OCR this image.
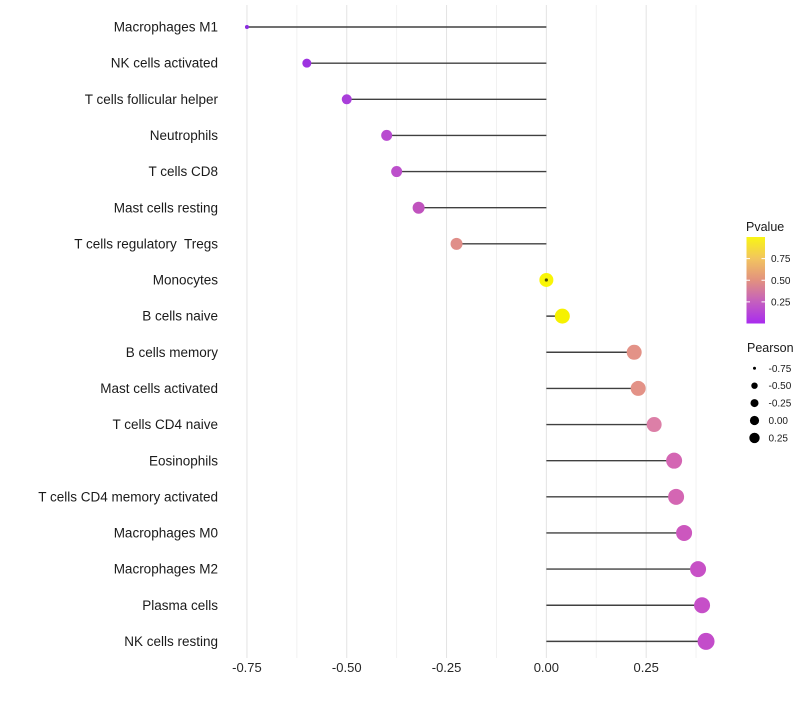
Macrophages M1
NK cells activated
T cells follicular helper
Neutrophils
T cells CD8
Mast cells resting
T cells regulatory  Tregs
Monocytes
B cells naive
B cells memory
Mast cells activated
T cells CD4 naive
Eosinophils
T cells CD4 memory activated
Macrophages M0
Macrophages M2
Plasma cells
NK cells resting
-0.75	-0.50	-0.25	0.00	0.25
Pvalue
0.75
0.50
0.25
Pearson
-0.75
-0.50
-0.25
0.00
0.25
